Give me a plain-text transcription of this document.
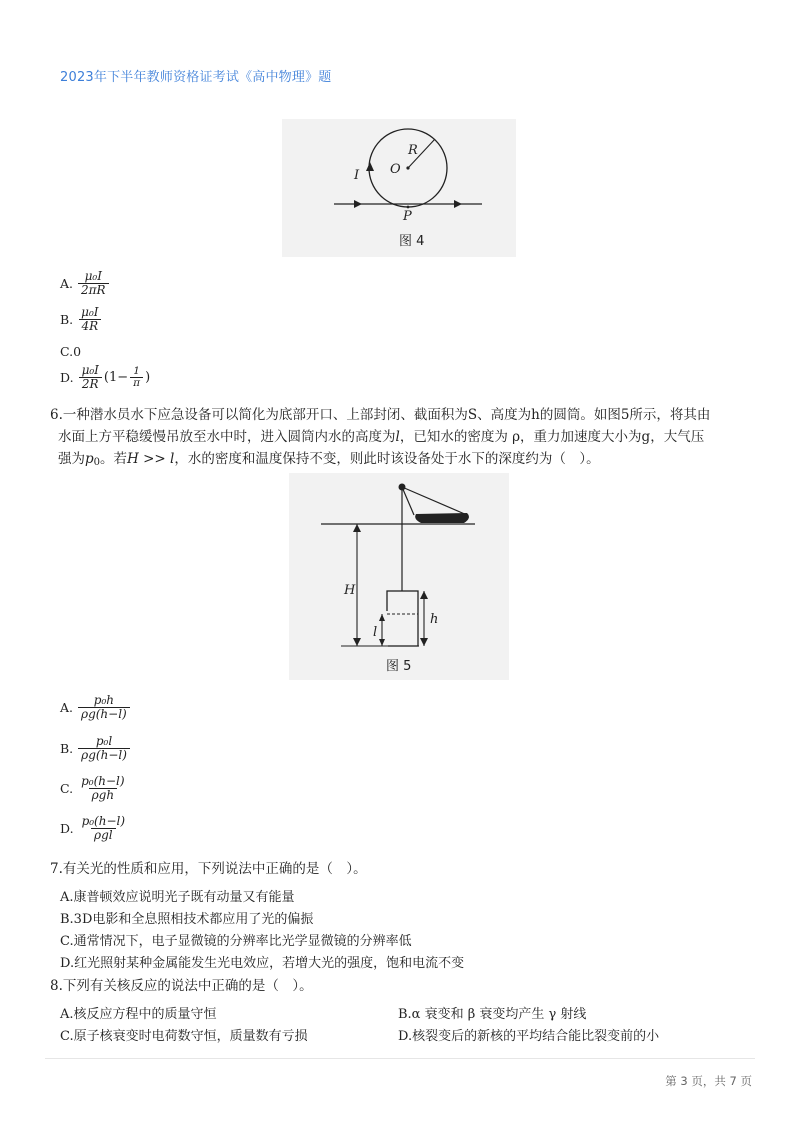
2023年下半年教师资格证考试《高中物理》题
R
O
I
P
图 4
A. $\frac{\text{μ₀I}}{2\pi R}$
B. $\frac{\text{μ₀I}}{4R}$
C.0
D. $\frac{\text{μ₀I}}{2R} (1- \frac{1}{\pi}$ )

6.一种潜水员水下应急设备可以简化为底部开口、上部封闭、截面积为S、高度为h的圆筒。如图5所示，将其由

水面上方平稳缓慢吊放至水中时，进入圆筒内水的高度为l，已知水的密度为 ρ，重力加速度大小为g，大气压

强为$p_0$。若H >> l，水的密度和温度保持不变，则此时该设备处于水下的深度约为（　）。

H
h
l
图 5
A. $\frac{\text{p₀h}}{\rho g(h-l)}$
B. $\frac{\text{p₀l}}{\rho g(h-l)}$
C. $\frac{\text{p₀(h−l)}}{\text{ρgh}}$
D. $\frac{\text{p₀(h−l)}}{\text{ρgl}}$
7.有关光的性质和应用，下列说法中正确的是（　）。
A.康普顿效应说明光子既有动量又有能量
B.3D电影和全息照相技术都应用了光的偏振
C.通常情况下，电子显微镜的分辨率比光学显微镜的分辨率低
D.红光照射某种金属能发生光电效应，若增大光的强度，饱和电流不变
8.下列有关核反应的说法中正确的是（　）。
A.核反应方程中的质量守恒	B.α 衰变和 β 衰变均产生 γ 射线
C.原子核衰变时电荷数守恒，质量数有亏损	D.核裂变后的新核的平均结合能比裂变前的小
第 3 页，共 7 页
